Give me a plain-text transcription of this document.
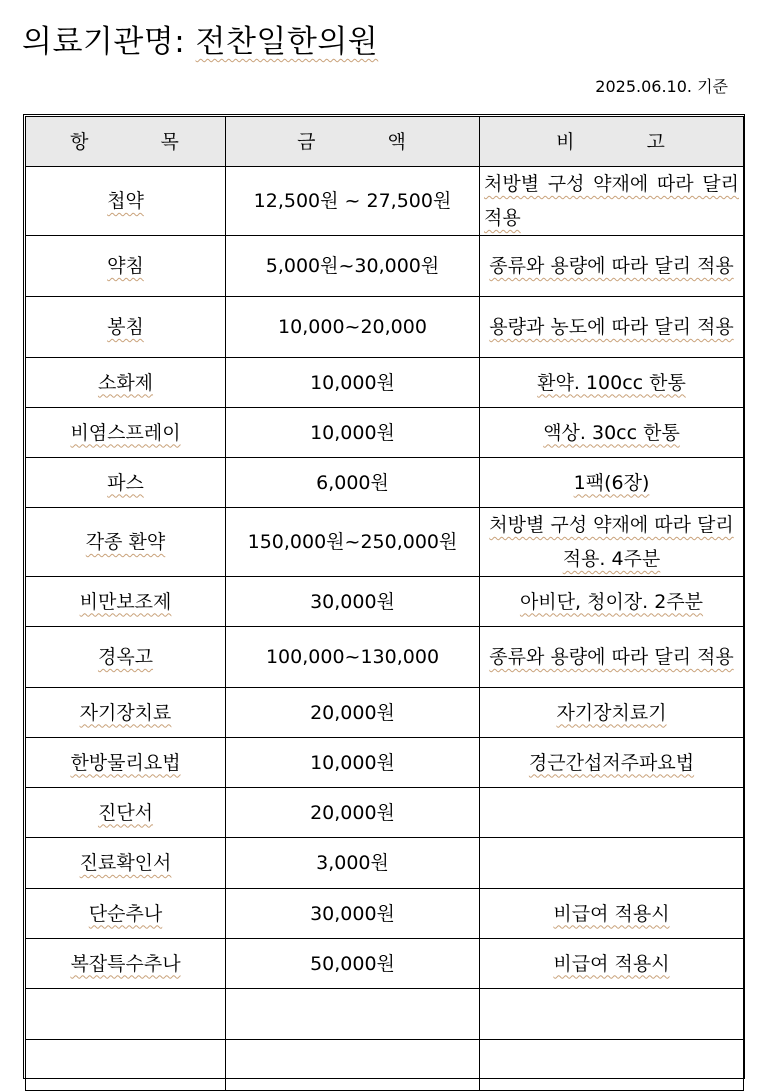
의료기관명: 전찬일한의원
2025.06.10. 기준
항 목	금 액	비 고
첩약	12,500원 ~ 27,500원	처방별 구성 약재에 따라 달리 적용
약침	5,000원~30,000원	종류와 용량에 따라 달리 적용
봉침	10,000~20,000	용량과 농도에 따라 달리 적용
소화제	10,000원	환약. 100cc 한통
비염스프레이	10,000원	액상. 30cc 한통
파스	6,000원	1팩(6장)
각종 환약	150,000원~250,000원	처방별 구성 약재에 따라 달리 적용. 4주분
비만보조제	30,000원	아비단, 청이장. 2주분
경옥고	100,000~130,000	종류와 용량에 따라 달리 적용
자기장치료	20,000원	자기장치료기
한방물리요법	10,000원	경근간섭저주파요법
진단서	20,000원	
진료확인서	3,000원	
단순추나	30,000원	비급여 적용시
복잡특수추나	50,000원	비급여 적용시
